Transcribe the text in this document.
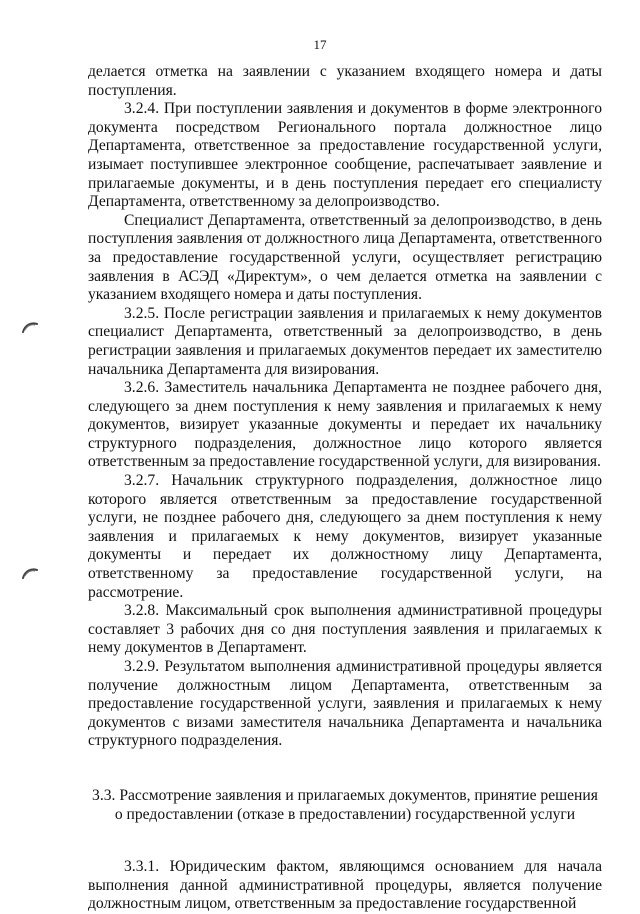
17

делается отметка на заявлении с указанием входящего номера и даты поступления.

3.2.4. При поступлении заявления и документов в форме электронного документа посредством Регионального портала должностное лицо Департамента, ответственное за предоставление государственной услуги, изымает поступившее электронное сообщение, распечатывает заявление и прилагаемые документы, и в день поступления передает его специалисту Департамента, ответственному за делопроизводство.

Специалист Департамента, ответственный за делопроизводство, в день поступления заявления от должностного лица Департамента, ответственного за предоставление государственной услуги, осуществляет регистрацию заявления в АСЭД «Директум», о чем делается отметка на заявлении с указанием входящего номера и даты поступления.

3.2.5. После регистрации заявления и прилагаемых к нему документов специалист Департамента, ответственный за делопроизводство, в день регистрации заявления и прилагаемых документов передает их заместителю начальника Департамента для визирования.

3.2.6. Заместитель начальника Департамента не позднее рабочего дня, следующего за днем поступления к нему заявления и прилагаемых к нему документов, визирует указанные документы и передает их начальнику структурного подразделения, должностное лицо которого является ответственным за предоставление государственной услуги, для визирования.

3.2.7. Начальник структурного подразделения, должностное лицо которого является ответственным за предоставление государственной услуги, не позднее рабочего дня, следующего за днем поступления к нему заявления и прилагаемых к нему документов, визирует указанные документы и передает их должностному лицу Департамента, ответственному за предоставление государственной услуги, на рассмотрение.

3.2.8. Максимальный срок выполнения административной процедуры составляет 3 рабочих дня со дня поступления заявления и прилагаемых к нему документов в Департамент.

3.2.9. Результатом выполнения административной процедуры является получение должностным лицом Департамента, ответственным за предоставление государственной услуги, заявления и прилагаемых к нему документов с визами заместителя начальника Департамента и начальника структурного подразделения.

3.3. Рассмотрение заявления и прилагаемых документов, принятие решения о предоставлении (отказе в предоставлении) государственной услуги

3.3.1. Юридическим фактом, являющимся основанием для начала выполнения данной административной процедуры, является получение должностным лицом, ответственным за предоставление государственной
